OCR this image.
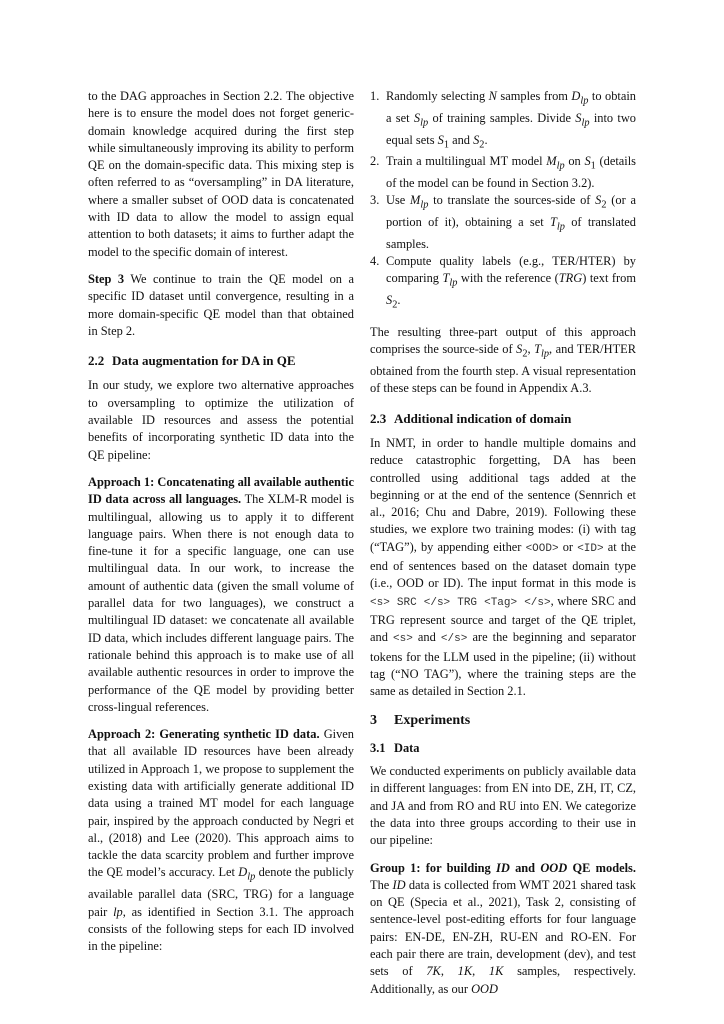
to the DAG approaches in Section 2.2. The objective here is to ensure the model does not forget generic-domain knowledge acquired during the first step while simultaneously improving its ability to perform QE on the domain-specific data. This mixing step is often referred to as “oversampling” in DA literature, where a smaller subset of OOD data is concatenated with ID data to allow the model to assign equal attention to both datasets; it aims to further adapt the model to the specific domain of interest.

Step 3 We continue to train the QE model on a specific ID dataset until convergence, resulting in a more domain-specific QE model than that obtained in Step 2.

2.2 Data augmentation for DA in QE

In our study, we explore two alternative approaches to oversampling to optimize the utilization of available ID resources and assess the potential benefits of incorporating synthetic ID data into the QE pipeline:

Approach 1: Concatenating all available authentic ID data across all languages. The XLM-R model is multilingual, allowing us to apply it to different language pairs. When there is not enough data to fine-tune it for a specific language, one can use multilingual data. In our work, to increase the amount of authentic data (given the small volume of parallel data for two languages), we construct a multilingual ID dataset: we concatenate all available ID data, which includes different language pairs. The rationale behind this approach is to make use of all available authentic resources in order to improve the performance of the QE model by providing better cross-lingual references.

Approach 2: Generating synthetic ID data. Given that all available ID resources have been already utilized in Approach 1, we propose to supplement the existing data with artificially generate additional ID data using a trained MT model for each language pair, inspired by the approach conducted by Negri et al., (2018) and Lee (2020). This approach aims to tackle the data scarcity problem and further improve the QE model’s accuracy. Let $D_{lp}$ denote the publicly available parallel data (SRC, TRG) for a language pair lp, as identified in Section 3.1. The approach consists of the following steps for each ID involved in the pipeline:

1. Randomly selecting N samples from $D_{lp}$ to obtain a set $S_{lp}$ of training samples. Divide $S_{lp}$ into two equal sets $S_1$ and $S_2$.
2. Train a multilingual MT model $M_{lp}$ on $S_1$ (details of the model can be found in Section 3.2).
3. Use $M_{lp}$ to translate the sources-side of $S_2$ (or a portion of it), obtaining a set $T_{lp}$ of translated samples.
4. Compute quality labels (e.g., TER/HTER) by comparing $T_{lp}$ with the reference (TRG) text from $S_2$.

The resulting three-part output of this approach comprises the source-side of $S_2$, $T_{lp}$, and TER/HTER obtained from the fourth step. A visual representation of these steps can be found in Appendix A.3.

2.3 Additional indication of domain

In NMT, in order to handle multiple domains and reduce catastrophic forgetting, DA has been controlled using additional tags added at the beginning or at the end of the sentence (Sennrich et al., 2016; Chu and Dabre, 2019). Following these studies, we explore two training modes: (i) with tag (“TAG”), by appending either <OOD> or <ID> at the end of sentences based on the dataset domain type (i.e., OOD or ID). The input format in this mode is <s> SRC </s> TRG <Tag> </s>, where SRC and TRG represent source and target of the QE triplet, and <s> and </s> are the beginning and separator tokens for the LLM used in the pipeline; (ii) without tag (“NO TAG”), where the training steps are the same as detailed in Section 2.1.

3 Experiments
3.1 Data

We conducted experiments on publicly available data in different languages: from EN into DE, ZH, IT, CZ, and JA and from RO and RU into EN. We categorize the data into three groups according to their use in our pipeline:

Group 1: for building ID and OOD QE models. The ID data is collected from WMT 2021 shared task on QE (Specia et al., 2021), Task 2, consisting of sentence-level post-editing efforts for four language pairs: EN-DE, EN-ZH, RU-EN and RO-EN. For each pair there are train, development (dev), and test sets of 7K, 1K, 1K samples, respectively. Additionally, as our OOD
